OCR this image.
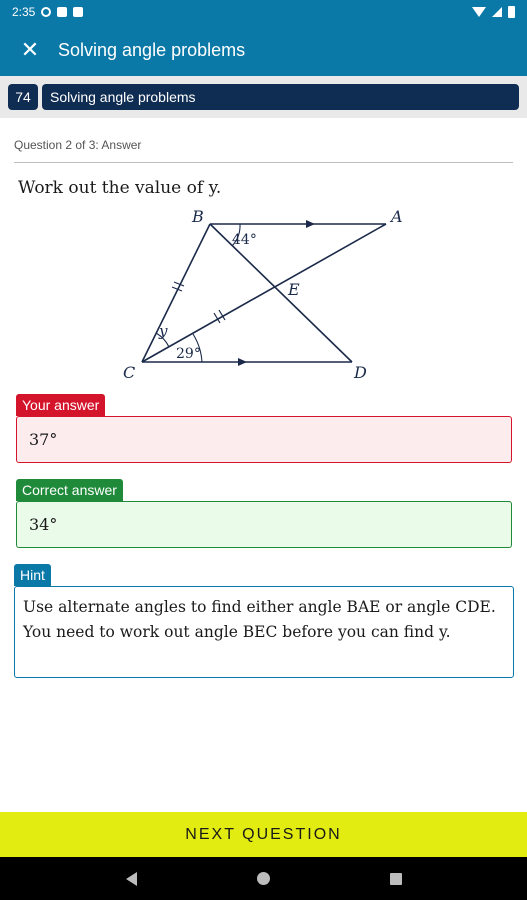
2:35
✕ Solving angle problems
74	Solving angle problems
Question 2 of 3: Answer
Work out the value of y.
B	A
E
C	D
y
44°
29°
Your answer
37°
Correct answer
34°
Hint
Use alternate angles to find either angle BAE or angle CDE. You need to work out angle BEC before you can find y.
NEXT QUESTION
